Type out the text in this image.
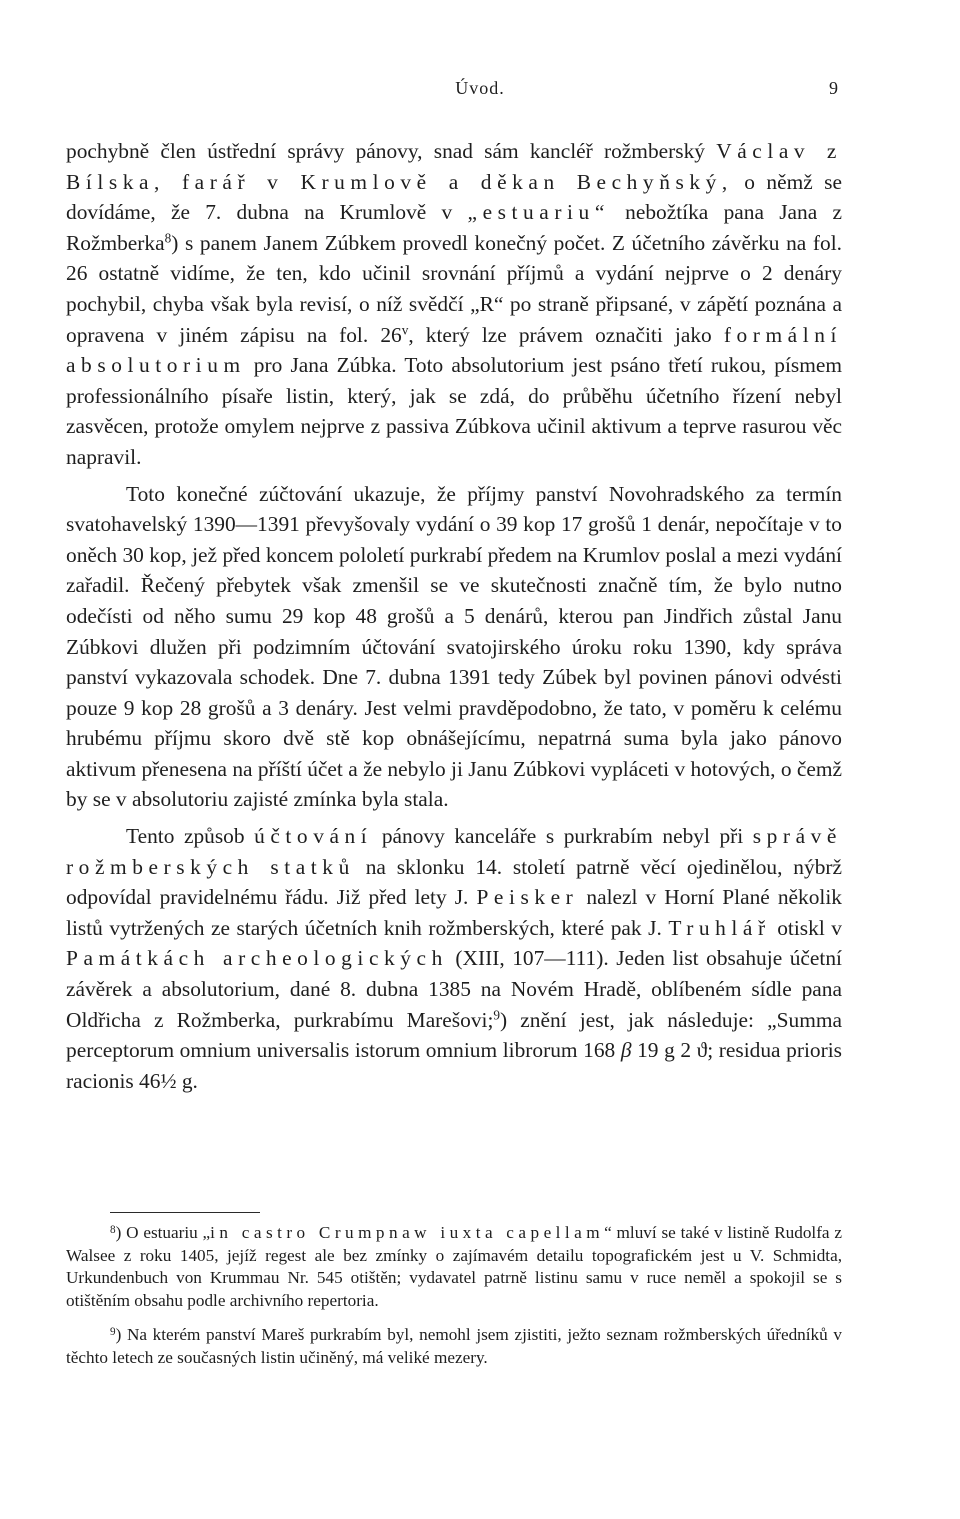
Úvod.	9

pochybně člen ústřední správy pánovy, snad sám kancléř rožmberský Václav z Bílska, farář v Krumlově a děkan Bechyňský, o němž se dovídáme, že 7. dubna na Krumlově v „estuariu“ nebožtíka pana Jana z Rožmberka$^8$) s panem Janem Zúbkem provedl konečný počet. Z účetního závěrku na fol. 26 ostatně vidíme, že ten, kdo učinil srovnání příjmů a vydání nejprve o 2 denáry pochybil, chyba však byla revisí, o níž svědčí „R“ po straně připsané, v zápětí poznána a opravena v jiném zápisu na fol. 26$^v$, který lze právem označiti jako formální absolutorium pro Jana Zúbka. Toto absolutorium jest psáno třetí rukou, písmem professionálního písaře listin, který, jak se zdá, do průběhu účetního řízení nebyl zasvěcen, protože omylem nejprve z passiva Zúbkova učinil aktivum a teprve rasurou věc napravil.

Toto konečné zúčtování ukazuje, že příjmy panství Novohradského za termín svatohavelský 1390—1391 převyšovaly vydání o 39 kop 17 grošů 1 denár, nepočítaje v to oněch 30 kop, jež před koncem pololetí purkrabí předem na Krumlov poslal a mezi vydání zařadil. Řečený přebytek však zmenšil se ve skutečnosti značně tím, že bylo nutno odečísti od něho sumu 29 kop 48 grošů a 5 denárů, kterou pan Jindřich zůstal Janu Zúbkovi dlužen při podzimním účtování svatojirského úroku roku 1390, kdy správa panství vykazovala schodek. Dne 7. dubna 1391 tedy Zúbek byl povinen pánovi odvésti pouze 9 kop 28 grošů a 3 denáry. Jest velmi pravděpodobno, že tato, v poměru k celému hrubému příjmu skoro dvě stě kop obnášejícímu, nepatrná suma byla jako pánovo aktivum přenesena na příští účet a že nebylo ji Janu Zúbkovi vypláceti v hotových, o čemž by se v absolutoriu zajisté zmínka byla stala.

Tento způsob účtování pánovy kanceláře s purkrabím nebyl při správě rožmberských statků na sklonku 14. století patrně věcí ojedinělou, nýbrž odpovídal pravidelnému řádu. Již před lety J. Peisker nalezl v Horní Plané několik listů vytržených ze starých účetních knih rožmberských, které pak J. Truhlář otiskl v Památkách archeologických (XIII, 107—111). Jeden list obsahuje účetní závěrek a absolutorium, dané 8. dubna 1385 na Novém Hradě, oblíbeném sídle pana Oldřicha z Rožmberka, purkrabímu Marešovi;$^9$) znění jest, jak následuje: „Summa perceptorum omnium universalis istorum omnium librorum 168 β 19 g 2 ϑ; residua prioris racionis 46½ g.

$^8$) O estuariu „in castro Crumpnaw iuxta capellam“ mluví se také v listině Rudolfa z Walsee z roku 1405, jejíž regest ale bez zmínky o zajímavém detailu topografickém jest u V. Schmidta, Urkundenbuch von Krummau Nr. 545 otištěn; vydavatel patrně listinu samu v ruce neměl a spokojil se s otištěním obsahu podle archivního repertoria.

$^9$) Na kterém panství Mareš purkrabím byl, nemohl jsem zjistiti, ježto seznam rožmberských úředníků v těchto letech ze současných listin učiněný, má veliké mezery.
